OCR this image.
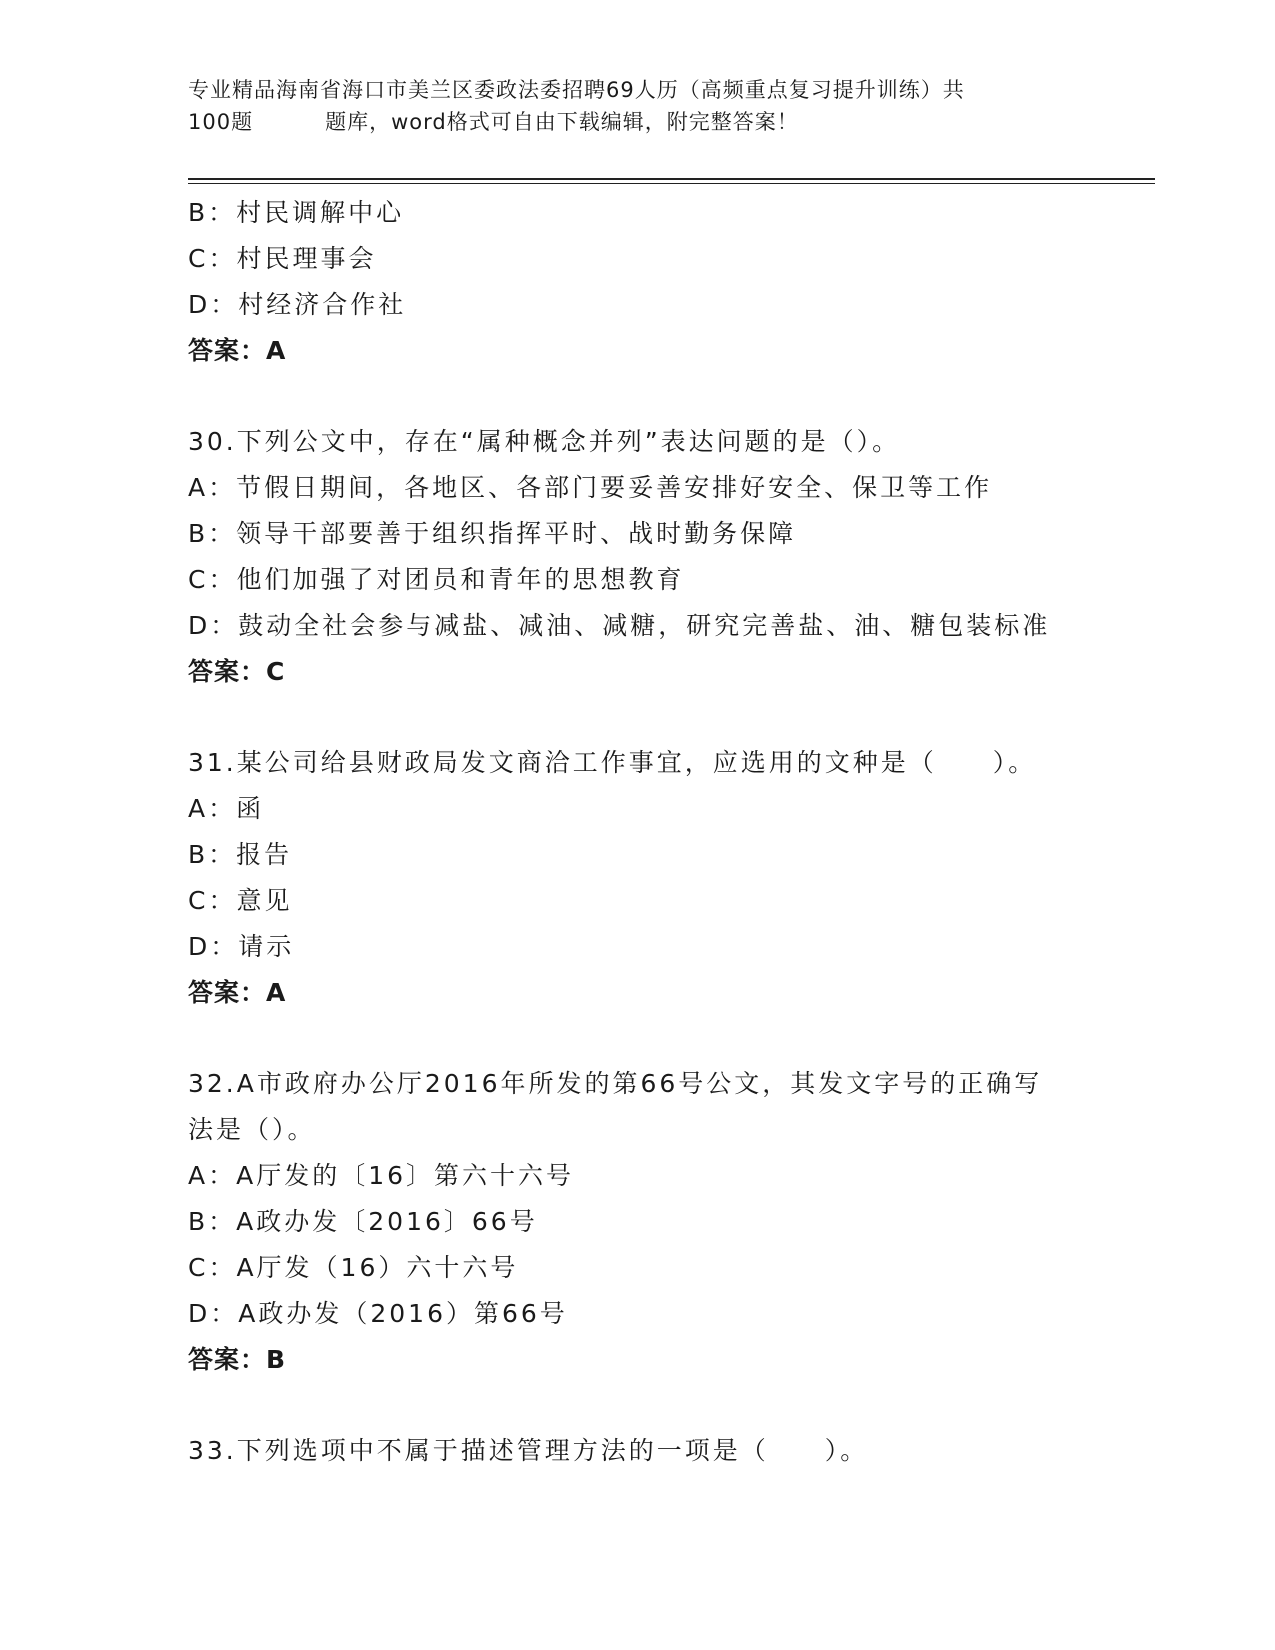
专业精品海南省海口市美兰区委政法委招聘69人历（高频重点复习提升训练）共
100题	题库，word格式可自由下载编辑，附完整答案！
B：村民调解中心
C：村民理事会
D：村经济合作社
答案：A
30.下列公文中，存在“属种概念并列”表达问题的是（）。
A：节假日期间，各地区、各部门要妥善安排好安全、保卫等工作
B：领导干部要善于组织指挥平时、战时勤务保障
C：他们加强了对团员和青年的思想教育
D：鼓动全社会参与减盐、减油、减糖，研究完善盐、油、糖包装标准
答案：C
31.某公司给县财政局发文商洽工作事宜，应选用的文种是（　　）。
A：函
B：报告
C：意见
D：请示
答案：A
32.A市政府办公厅2016年所发的第66号公文，其发文字号的正确写
法是（）。
A：A厅发的〔16〕第六十六号
B：A政办发〔2016〕66号
C：A厅发（16）六十六号
D：A政办发（2016）第66号
答案：B
33.下列选项中不属于描述管理方法的一项是（　　）。
